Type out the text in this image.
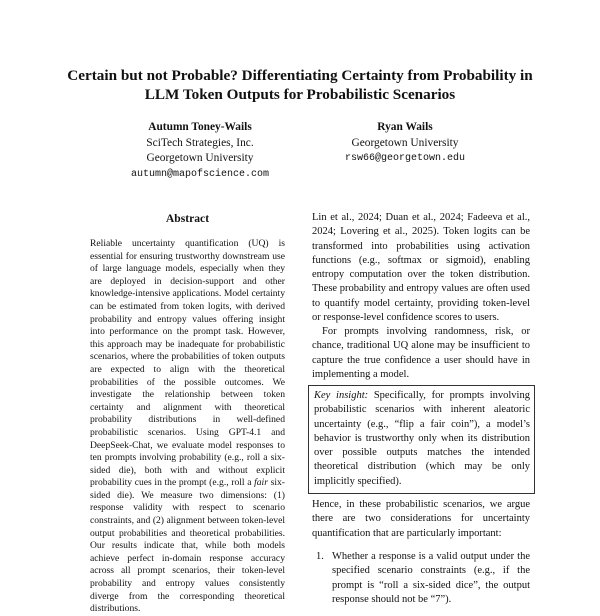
Certain but not Probable? Differentiating Certainty from Probability in LLM Token Outputs for Probabilistic Scenarios
Autumn Toney-Wails
SciTech Strategies, Inc.
Georgetown University
autumn@mapofscience.com
Ryan Wails
Georgetown University
rsw66@georgetown.edu
Abstract

Reliable uncertainty quantification (UQ) is essential for ensuring trustworthy downstream use of large language models, especially when they are deployed in decision-support and other knowledge-intensive applications. Model certainty can be estimated from token logits, with derived probability and entropy values offering insight into performance on the prompt task. However, this approach may be inadequate for probabilistic scenarios, where the probabilities of token outputs are expected to align with the theoretical probabilities of the possible outcomes. We investigate the relationship between token certainty and alignment with theoretical probability distributions in well-defined probabilistic scenarios. Using GPT-4.1 and DeepSeek-Chat, we evaluate model responses to ten prompts involving probability (e.g., roll a six-sided die), both with and without explicit probability cues in the prompt (e.g., roll a fair six-sided die). We measure two dimensions: (1) response validity with respect to scenario constraints, and (2) alignment between token-level output probabilities and theoretical probabilities. Our results indicate that, while both models achieve perfect in-domain response accuracy across all prompt scenarios, their token-level probability and entropy values consistently diverge from the corresponding theoretical distributions.

Lin et al., 2024; Duan et al., 2024; Fadeeva et al., 2024; Lovering et al., 2025). Token logits can be transformed into probabilities using activation functions (e.g., softmax or sigmoid), enabling entropy computation over the token distribution. These probability and entropy values are often used to quantify model certainty, providing token-level or response-level confidence scores to users.

For prompts involving randomness, risk, or chance, traditional UQ alone may be insufficient to capture the true confidence a user should have in implementing a model.

Key insight: Specifically, for prompts involving probabilistic scenarios with inherent aleatoric uncertainty (e.g., “flip a fair coin”), a model’s behavior is trustworthy only when its distribution over possible outputs matches the intended theoretical distribution (which may be only implicitly specified).

Hence, in these probabilistic scenarios, we argue there are two considerations for uncertainty quantification that are particularly important:

1. Whether a response is a valid output under the specified scenario constraints (e.g., if the prompt is “roll a six-sided dice”, the output response should not be “7”).
